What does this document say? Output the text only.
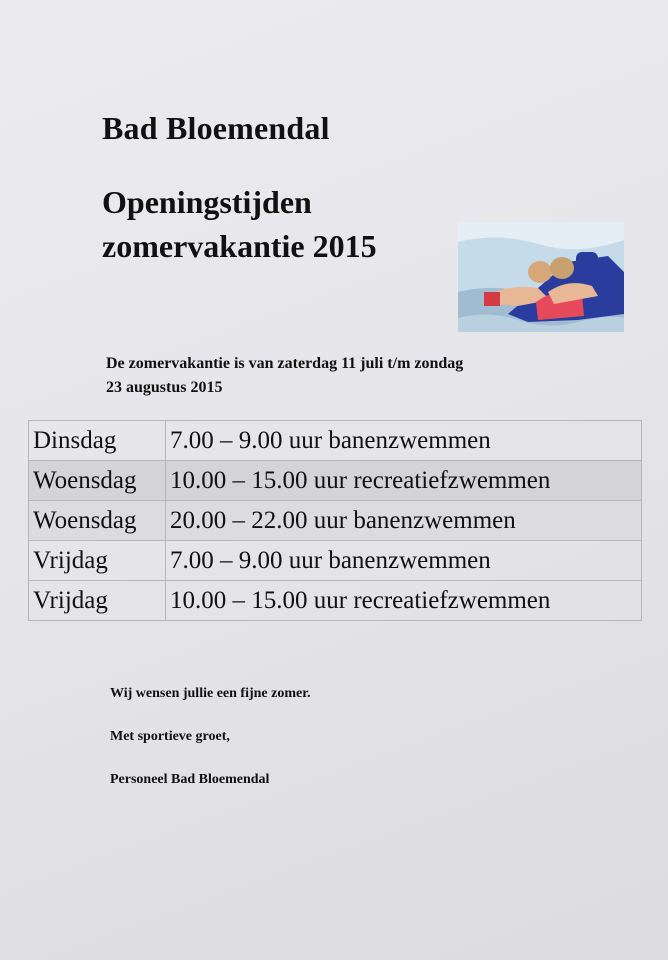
Bad Bloemendal
Openingstijden
zomervakantie 2015
De zomervakantie is van zaterdag 11 juli t/m zondag
23 augustus 2015
Dinsdag	7.00 – 9.00 uur banenzwemmen
Woensdag	10.00 – 15.00 uur recreatiefzwemmen
Woensdag	20.00 – 22.00 uur banenzwemmen
Vrijdag	7.00 – 9.00 uur banenzwemmen
Vrijdag	10.00 – 15.00 uur recreatiefzwemmen
Wij wensen jullie een fijne zomer.
Met sportieve groet,
Personeel Bad Bloemendal
